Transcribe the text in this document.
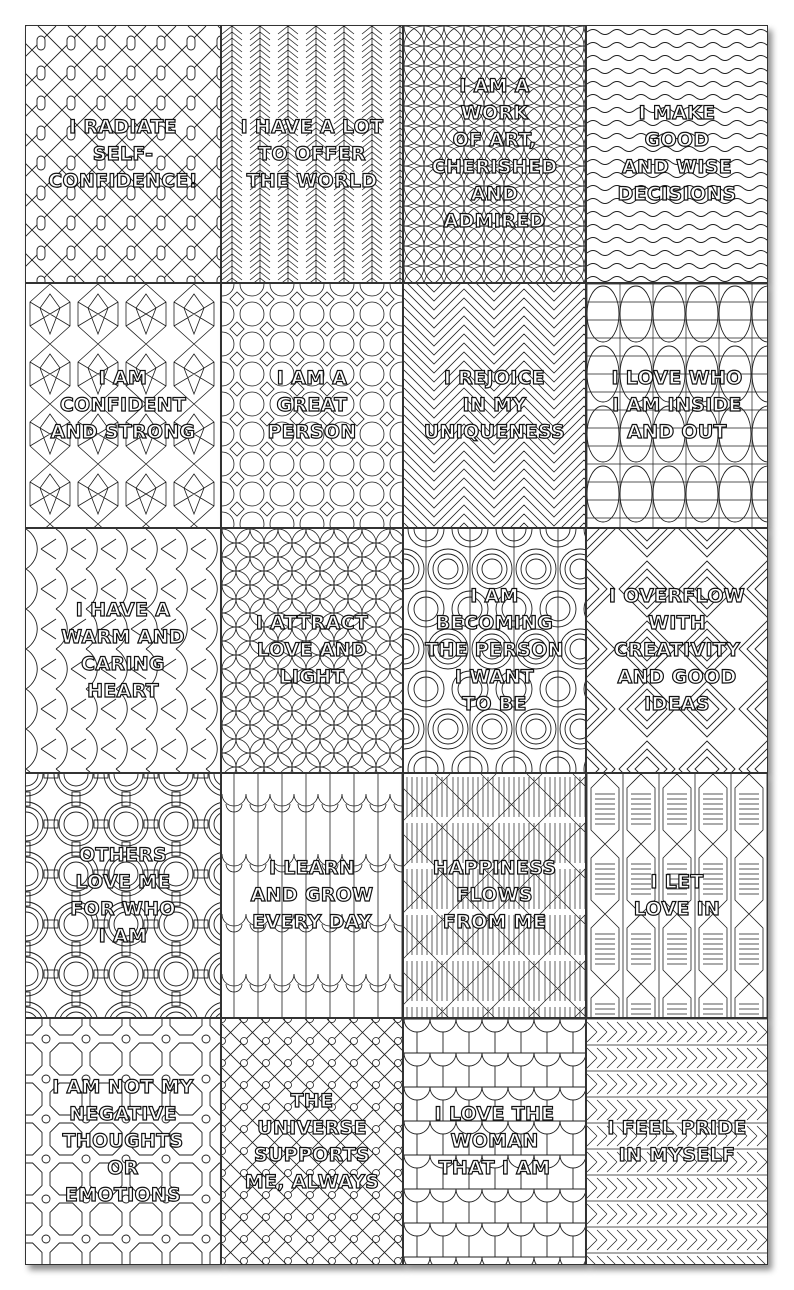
I RADIATE
SELF-
CONFIDENCE!
I HAVE A LOT
TO OFFER
THE WORLD
I AM A
WORK
OF ART,
CHERISHED
AND
ADMIRED
I MAKE
GOOD
AND WISE
DECISIONS
I AM
CONFIDENT
AND STRONG
I AM A
GREAT
PERSON
I REJOICE
IN MY
UNIQUENESS
I LOVE WHO
I AM INSIDE
AND OUT
I HAVE A
WARM AND
CARING
HEART
I ATTRACT
LOVE AND
LIGHT
I AM
BECOMING
THE PERSON
I WANT
TO BE
I OVERFLOW
WITH
CREATIVITY
AND GOOD
IDEAS
OTHERS
LOVE ME
FOR WHO
I AM
I LEARN
AND GROW
EVERY DAY
HAPPINESS
FLOWS
FROM ME
I LET
LOVE IN
I AM NOT MY
NEGATIVE
THOUGHTS
OR
EMOTIONS
THE
UNIVERSE
SUPPORTS
ME, ALWAYS
I LOVE THE
WOMAN
THAT I AM
I FEEL PRIDE
IN MYSELF
